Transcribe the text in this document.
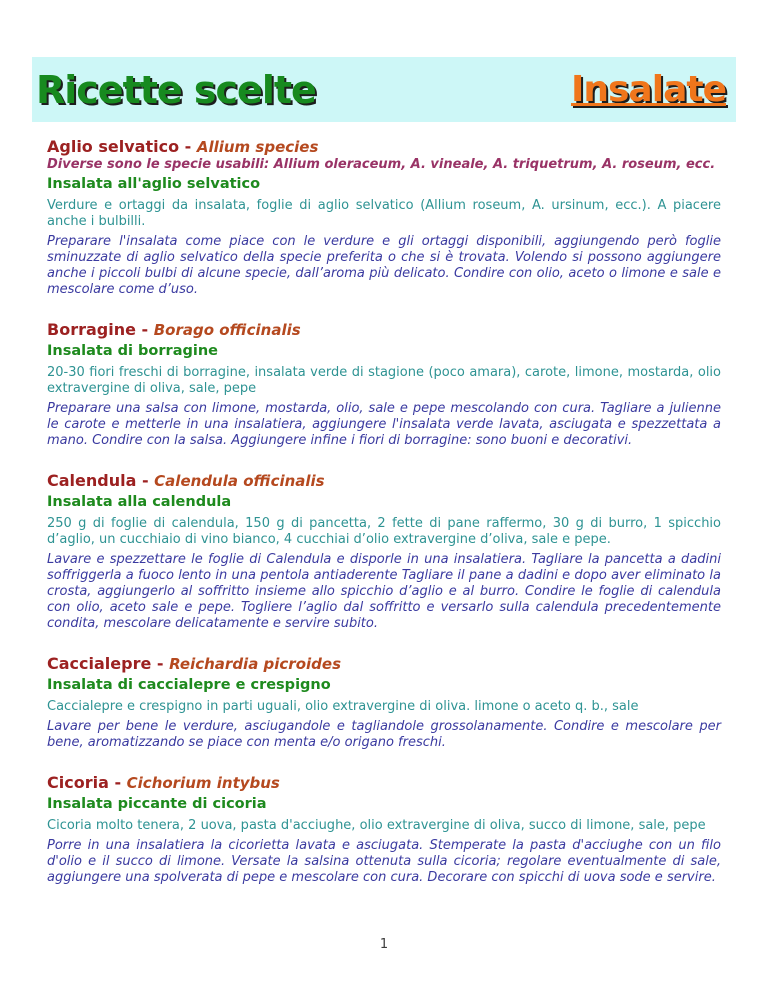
Ricette scelte	Insalate
Aglio selvatico - Allium species

Diverse sono le specie usabili: Allium oleraceum, A. vineale, A. triquetrum, A. roseum, ecc.

Insalata all'aglio selvatico

Verdure e ortaggi da insalata, foglie di aglio selvatico (Allium roseum, A. ursinum, ecc.). A piacere anche i bulbilli.

Preparare l'insalata come piace con le verdure e gli ortaggi disponibili, aggiungendo però foglie sminuzzate di aglio selvatico della specie preferita o che si è trovata. Volendo si possono aggiungere anche i piccoli bulbi di alcune specie, dall’aroma più delicato. Condire con olio, aceto o limone e sale e mescolare come d’uso.

Borragine - Borago officinalis
Insalata di borragine

20-30 fiori freschi di borragine, insalata verde di stagione (poco amara), carote, limone, mostarda, olio extravergine di oliva, sale, pepe

Preparare una salsa con limone, mostarda, olio, sale e pepe mescolando con cura. Tagliare a julienne le carote e metterle in una insalatiera, aggiungere l'insalata verde lavata, asciugata e spezzettata a mano. Condire con la salsa. Aggiungere infine i fiori di borragine: sono buoni e decorativi.

Calendula - Calendula officinalis
Insalata alla calendula

250 g di foglie di calendula, 150 g di pancetta, 2 fette di pane raffermo, 30 g di burro, 1 spicchio d’aglio, un cucchiaio di vino bianco, 4 cucchiai d’olio extravergine d’oliva, sale e pepe.

Lavare e spezzettare le foglie di Calendula e disporle in una insalatiera. Tagliare la pancetta a dadini soffriggerla a fuoco lento in una pentola antiaderente Tagliare il pane a dadini e dopo aver eliminato la crosta, aggiungerlo al soffritto insieme allo spicchio d’aglio e al burro. Condire le foglie di calendula con olio, aceto sale e pepe. Togliere l’aglio dal soffritto e versarlo sulla calendula precedentemente condita, mescolare delicatamente e servire subito.

Caccialepre - Reichardia picroides
Insalata di caccialepre e crespigno

Caccialepre e crespigno in parti uguali, olio extravergine di oliva. limone o aceto q. b., sale

Lavare per bene le verdure, asciugandole e tagliandole grossolanamente. Condire e mescolare per bene, aromatizzando se piace con menta e/o origano freschi.

Cicoria - Cichorium intybus
Insalata piccante di cicoria

Cicoria molto tenera, 2 uova, pasta d'acciughe, olio extravergine di oliva, succo di limone, sale, pepe

Porre in una insalatiera la cicorietta lavata e asciugata. Stemperate la pasta d'acciughe con un filo d'olio e il succo di limone. Versate la salsina ottenuta sulla cicoria; regolare eventualmente di sale, aggiungere una spolverata di pepe e mescolare con cura. Decorare con spicchi di uova sode e servire.

1
